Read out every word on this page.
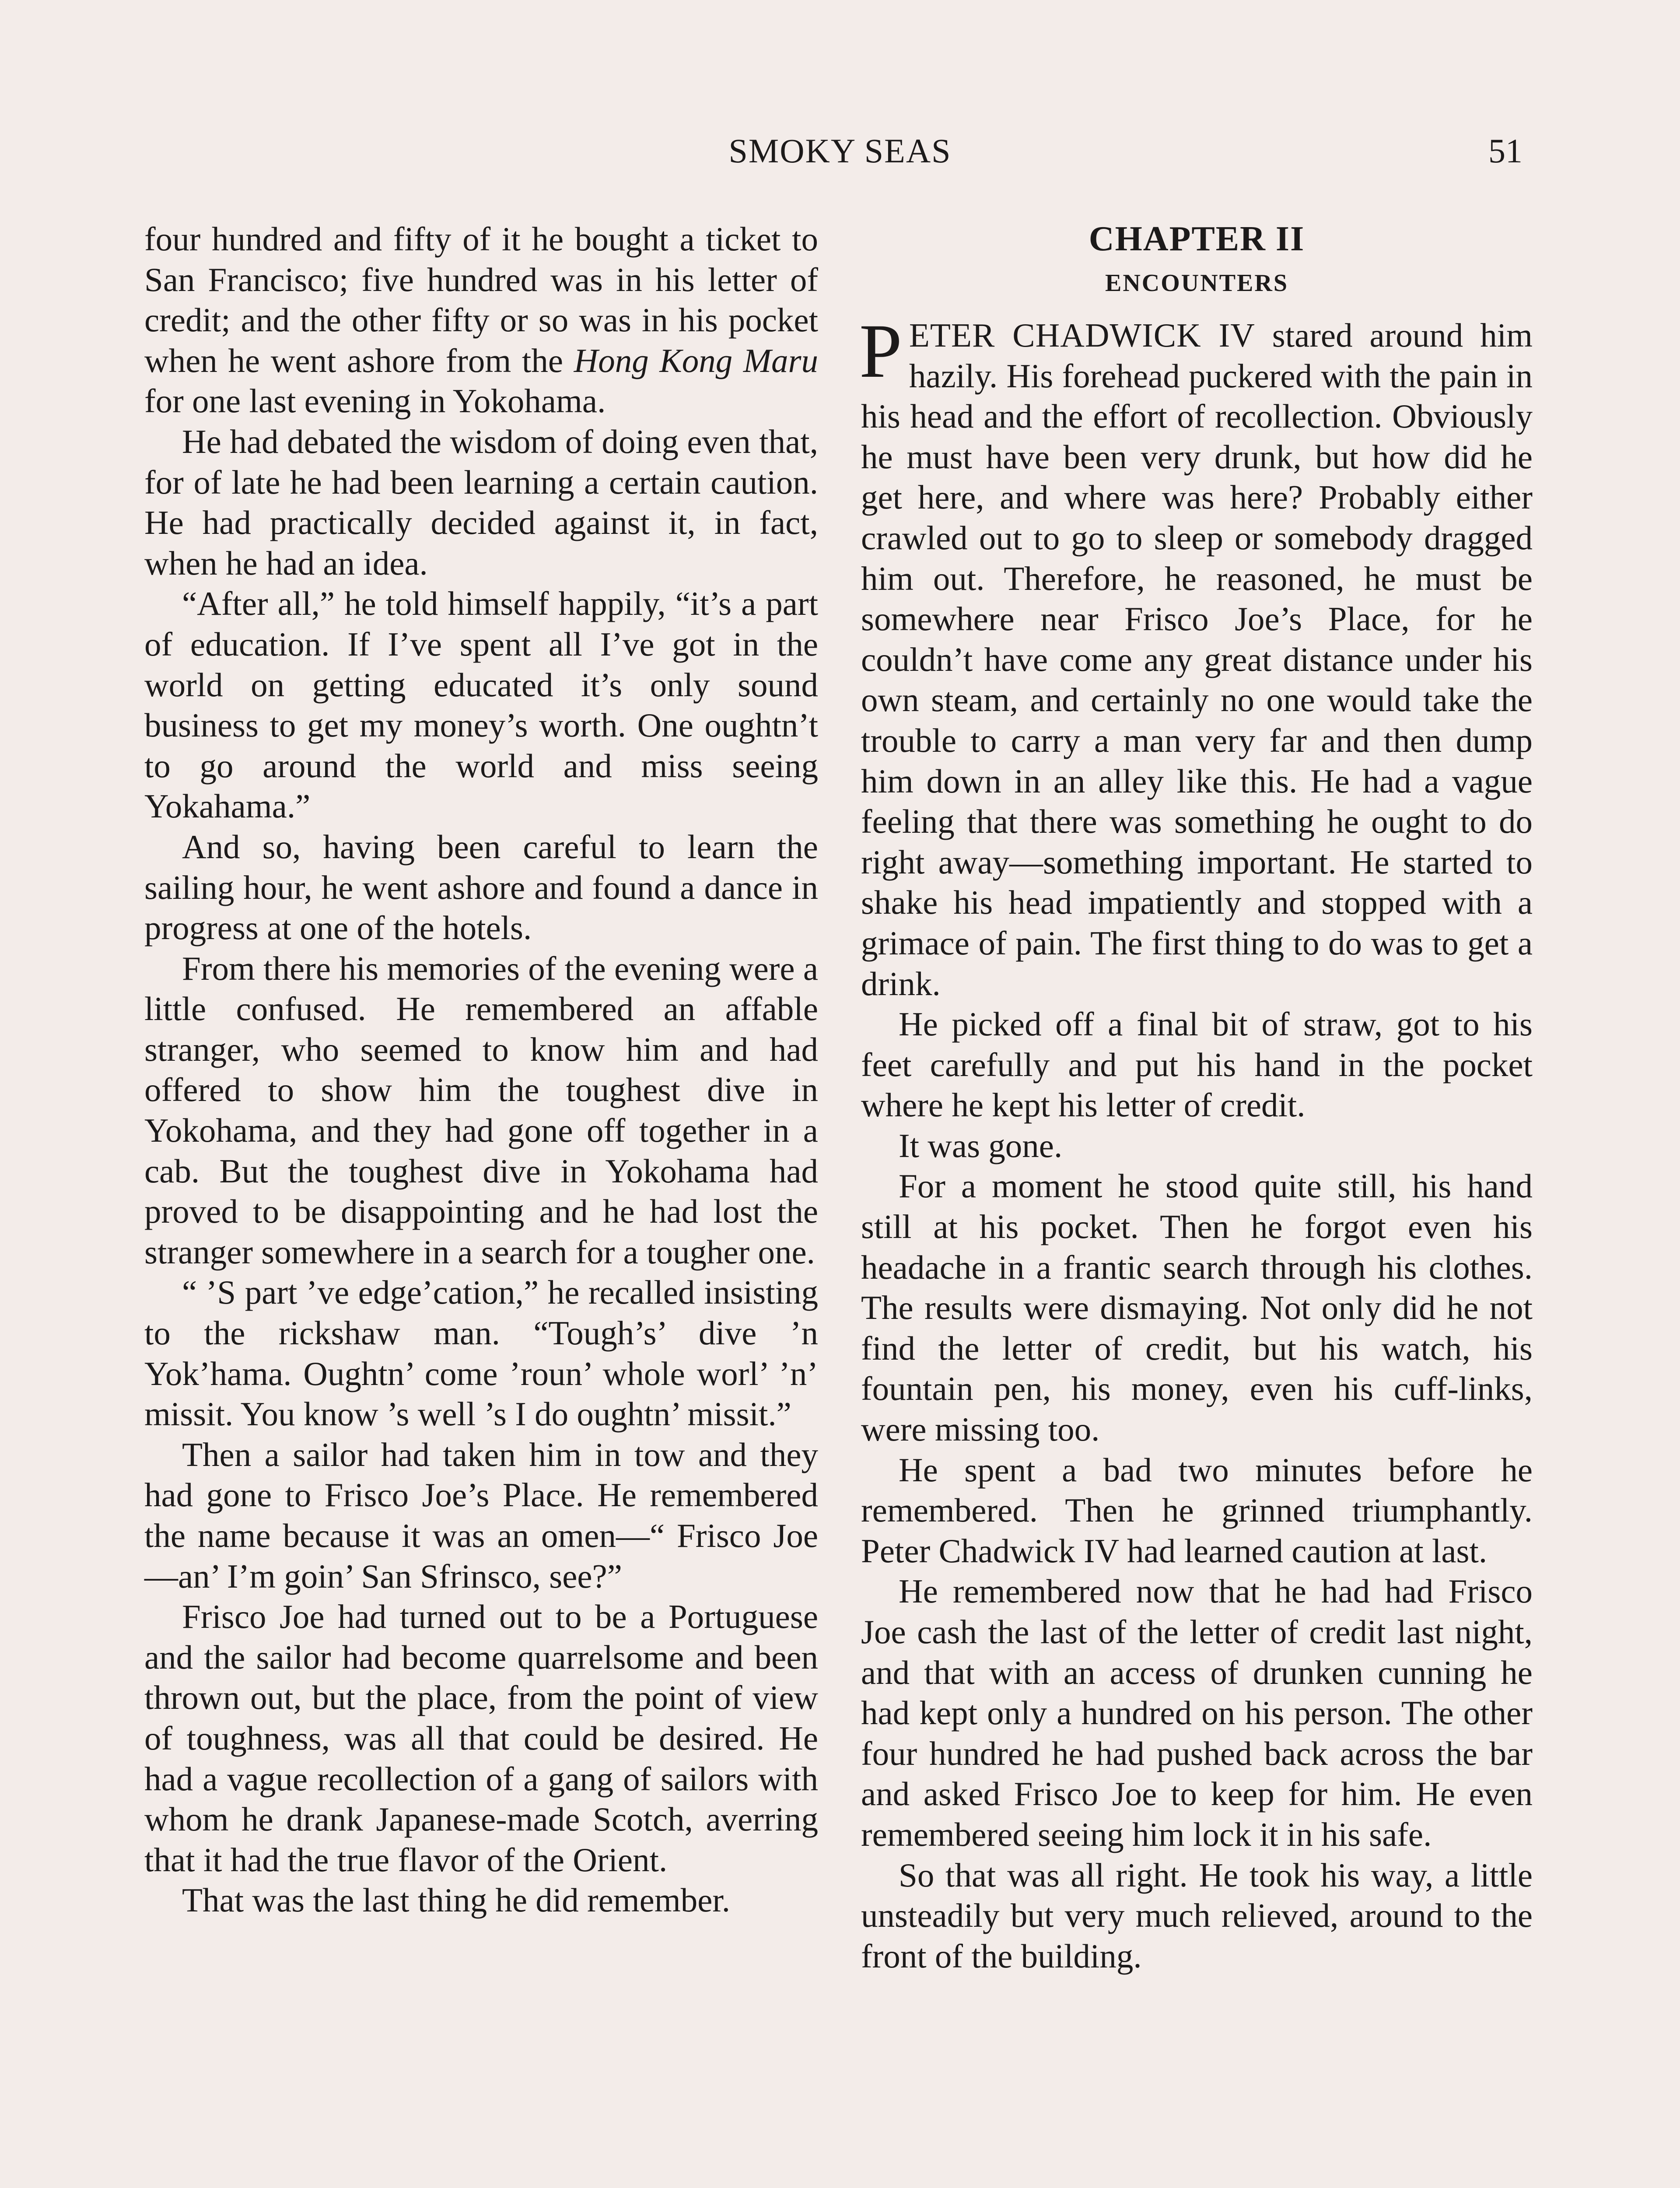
SMOKY SEAS	51

four hundred and fifty of it he bought a ticket to San Francisco; five hundred was in his letter of credit; and the other fifty or so was in his pocket when he went ashore from the Hong Kong Maru for one last evening in Yokohama.

He had debated the wisdom of doing even that, for of late he had been learning a certain caution. He had practically decided against it, in fact, when he had an idea.

“After all,” he told himself happily, “it’s a part of education. If I’ve spent all I’ve got in the world on getting educated it’s only sound business to get my money’s worth. One oughtn’t to go around the world and miss seeing Yokahama.”

And so, having been careful to learn the sailing hour, he went ashore and found a dance in progress at one of the hotels.

From there his memories of the evening were a little confused. He remembered an affable stranger, who seemed to know him and had offered to show him the toughest dive in Yokohama, and they had gone off together in a cab. But the toughest dive in Yokohama had proved to be disappointing and he had lost the stranger somewhere in a search for a tougher one.

“ ’S part ’ve edge’cation,” he recalled insisting to the rickshaw man. “Tough’s’ dive ’n Yok’hama. Oughtn’ come ’roun’ whole worl’ ’n’ missit. You know ’s well ’s I do oughtn’ missit.”

Then a sailor had taken him in tow and they had gone to Frisco Joe’s Place. He remembered the name because it was an omen—“ Frisco Joe—an’ I’m goin’ San Sfrinsco, see?”

Frisco Joe had turned out to be a Portuguese and the sailor had become quarrelsome and been thrown out, but the place, from the point of view of toughness, was all that could be desired. He had a vague recollection of a gang of sailors with whom he drank Japanese-made Scotch, averring that it had the true flavor of the Orient.

That was the last thing he did remember.

CHAPTER II
ENCOUNTERS

PETER CHADWICK IV stared around him hazily. His forehead puckered with the pain in his head and the effort of recollection. Obviously he must have been very drunk, but how did he get here, and where was here? Probably either crawled out to go to sleep or somebody dragged him out. Therefore, he reasoned, he must be somewhere near Frisco Joe’s Place, for he couldn’t have come any great distance under his own steam, and certainly no one would take the trouble to carry a man very far and then dump him down in an alley like this. He had a vague feeling that there was something he ought to do right away—something important. He started to shake his head impatiently and stopped with a grimace of pain. The first thing to do was to get a drink.

He picked off a final bit of straw, got to his feet carefully and put his hand in the pocket where he kept his letter of credit.

It was gone.

For a moment he stood quite still, his hand still at his pocket. Then he forgot even his headache in a frantic search through his clothes. The results were dismaying. Not only did he not find the letter of credit, but his watch, his fountain pen, his money, even his cuff-links, were missing too.

He spent a bad two minutes before he remembered. Then he grinned triumphantly. Peter Chadwick IV had learned caution at last.

He remembered now that he had had Frisco Joe cash the last of the letter of credit last night, and that with an access of drunken cunning he had kept only a hundred on his person. The other four hundred he had pushed back across the bar and asked Frisco Joe to keep for him. He even remembered seeing him lock it in his safe.

So that was all right. He took his way, a little unsteadily but very much relieved, around to the front of the building.
